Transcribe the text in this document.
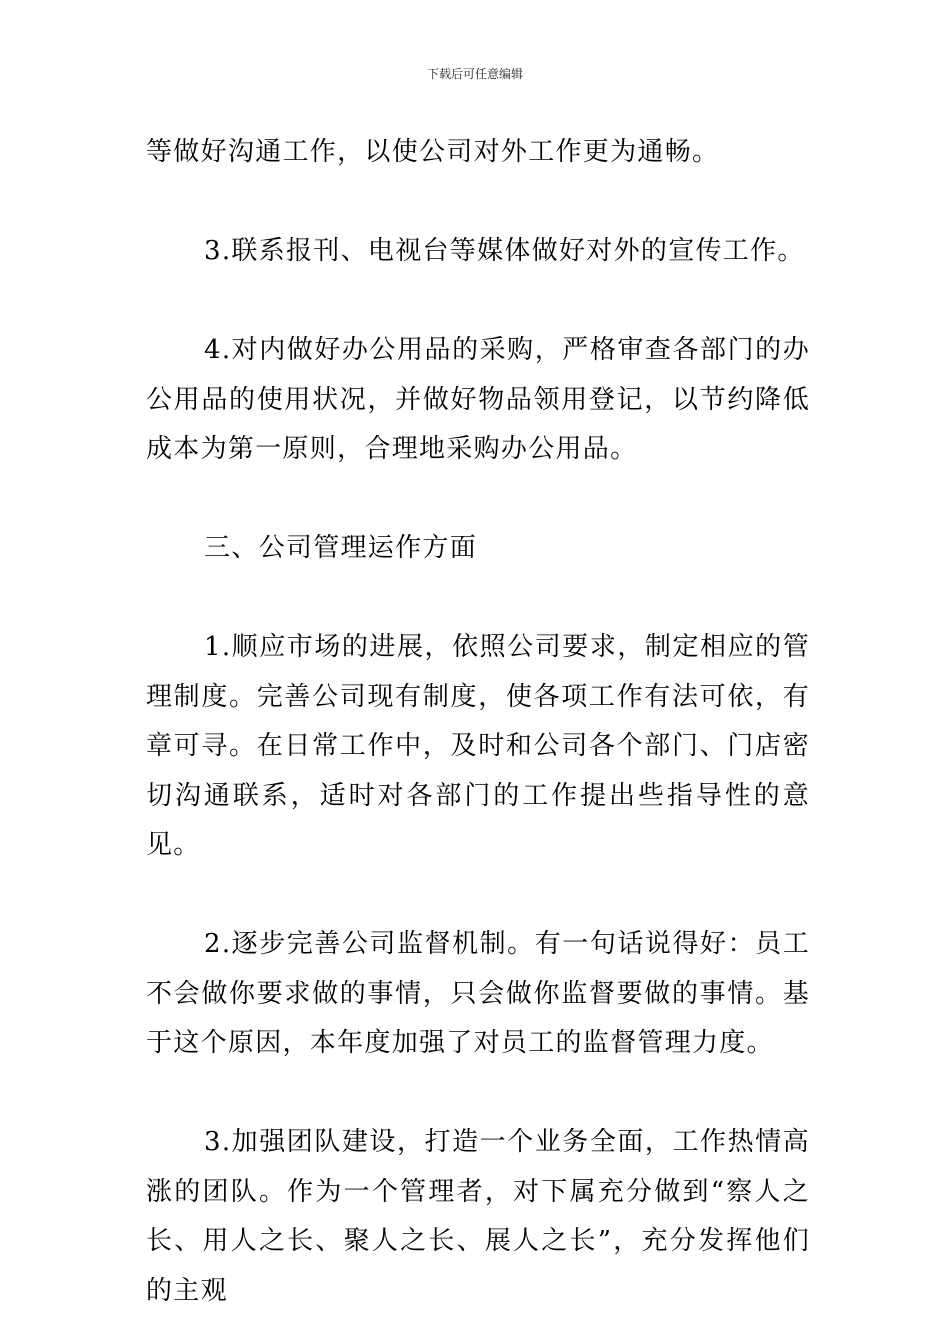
下载后可任意编辑

等做好沟通工作，以使公司对外工作更为通畅。

3.联系报刊、电视台等媒体做好对外的宣传工作。

4.对内做好办公用品的采购，严格审查各部门的办公用品的使用状况，并做好物品领用登记，以节约降低成本为第一原则，合理地采购办公用品。

三、公司管理运作方面

1.顺应市场的进展，依照公司要求，制定相应的管理制度。完善公司现有制度，使各项工作有法可依，有章可寻。在日常工作中，及时和公司各个部门、门店密切沟通联系，适时对各部门的工作提出些指导性的意见。

2.逐步完善公司监督机制。有一句话说得好：员工不会做你要求做的事情，只会做你监督要做的事情。基于这个原因，本年度加强了对员工的监督管理力度。

3.加强团队建设，打造一个业务全面，工作热情高涨的团队。作为一个管理者，对下属充分做到“察人之长、用人之长、聚人之长、展人之长”，充分发挥他们的主观
